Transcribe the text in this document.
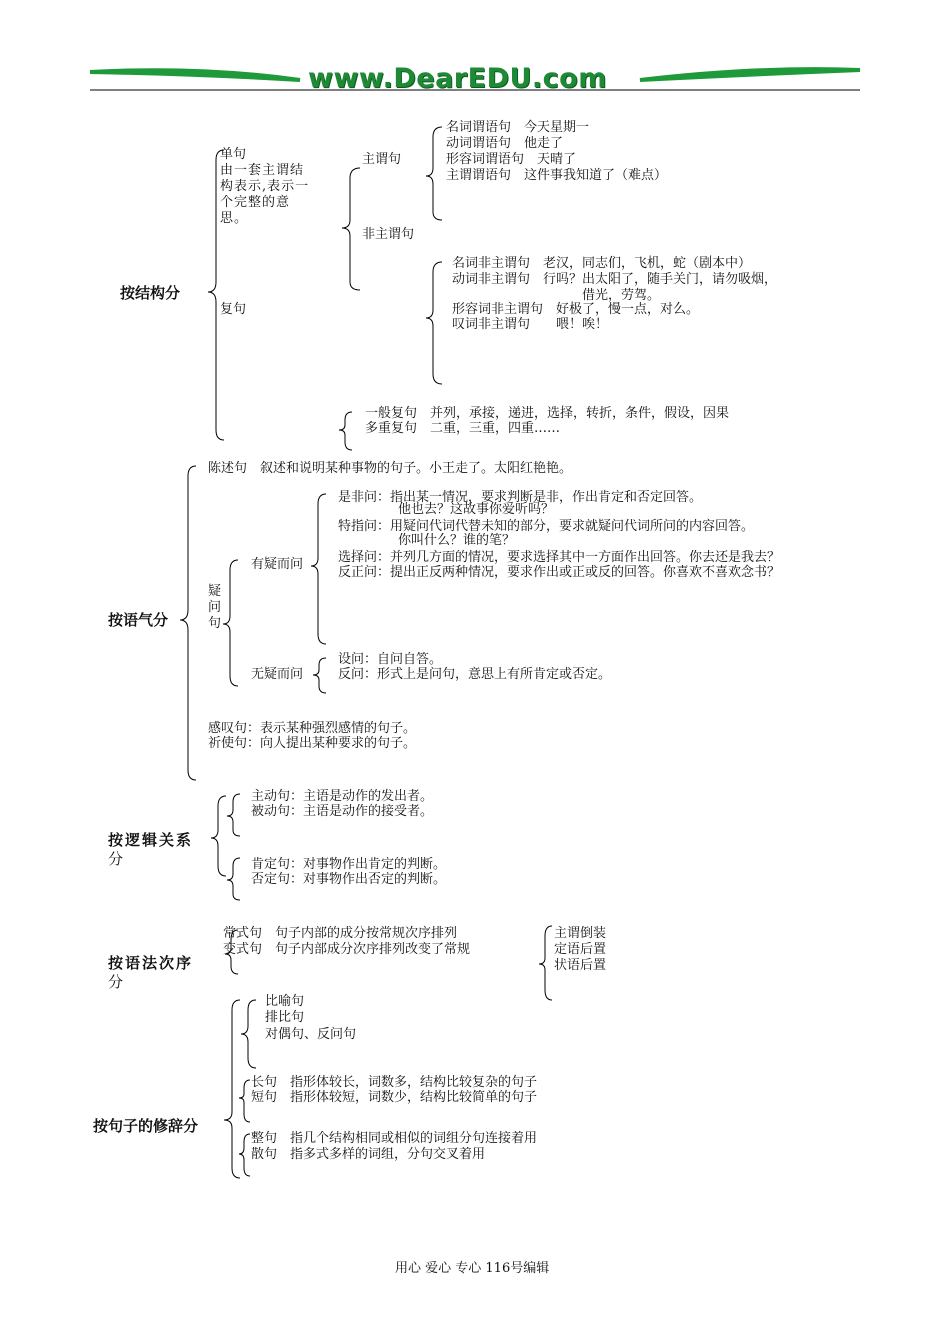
www.DearEDU.com
按结构分
单句
由一套主谓结构表示,表示一个完整的意思。
复句
主谓句
非主谓句
名词谓语句　今天星期一
动词谓语句　他走了
形容词谓语句　天晴了
主谓谓语句　这件事我知道了（难点）
名词非主谓句　老汉，同志们，飞机，蛇（剧本中）
动词非主谓句　行吗？出太阳了，随手关门，请勿吸烟，
借光，劳驾。
形容词非主谓句　好极了，慢一点，对么。
叹词非主谓句　　喂！唉！
一般复句　并列，承接，递进，选择，转折，条件，假设，因果
多重复句　二重，三重，四重……
按语气分
陈述句　叙述和说明某种事物的句子。小王走了。太阳红艳艳。
疑问句
有疑而问
是非问：指出某一情况，要求判断是非，作出肯定和否定回答。
他也去？这故事你爱听吗？
特指问：用疑问代词代替未知的部分，要求就疑问代词所问的内容回答。
你叫什么？谁的笔？
选择问：并列几方面的情况，要求选择其中一方面作出回答。你去还是我去？
反正问：提出正反两种情况，要求作出或正或反的回答。你喜欢不喜欢念书？
无疑而问
设问：自问自答。
反问：形式上是问句，意思上有所肯定或否定。
感叹句：表示某种强烈感情的句子。
祈使句：向人提出某种要求的句子。
按逻辑关系
分
主动句：主语是动作的发出者。
被动句：主语是动作的接受者。
肯定句：对事物作出肯定的判断。
否定句：对事物作出否定的判断。
按语法次序
分
常式句　句子内部的成分按常规次序排列
变式句　句子内部成分次序排列改变了常规
主谓倒装
定语后置
状语后置
按句子的修辞分
比喻句
排比句
对偶句、反问句
长句　指形体较长，词数多，结构比较复杂的句子
短句　指形体较短，词数少，结构比较简单的句子
整句　指几个结构相同或相似的词组分句连接着用
散句　指多式多样的词组，分句交叉着用
用心 爱心 专心 116号编辑
